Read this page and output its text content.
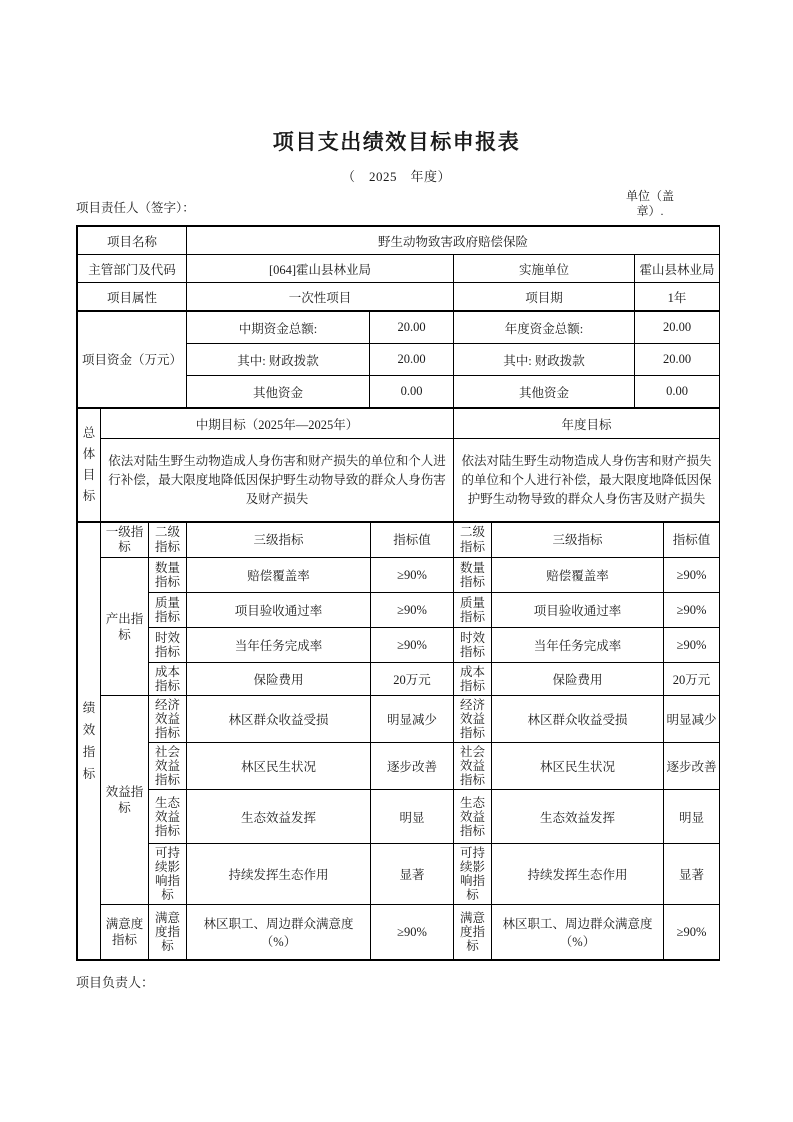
项目支出绩效目标申报表
（　2025　年度）
项目责任人（签字）：
单位（盖章）.
项目名称	野生动物致害政府赔偿保险		
主管部门及代码	[064]霍山县林业局	实施单位	霍山县林业局
项目属性	一次性项目	项目期	1年
项目资金（万元）	中期资金总额:	20.00	年度资金总额:	20.00
	其中: 财政拨款	20.00	其中: 财政拨款	20.00
	其他资金	0.00	其他资金	0.00
总体目标	中期目标（2025年—2025年）	年度目标
	依法对陆生野生动物造成人身伤害和财产损失的单位和个人进行补偿，最大限度地降低因保护野生动物导致的群众人身伤害及财产损失	依法对陆生野生动物造成人身伤害和财产损失的单位和个人进行补偿，最大限度地降低因保护野生动物导致的群众人身伤害及财产损失
绩效指标	一级指标	二级指标	三级指标	指标值	二级指标	三级指标	指标值
	产出指标	数量指标	赔偿覆盖率	≥90%	数量指标	赔偿覆盖率	≥90%
		质量指标	项目验收通过率	≥90%	质量指标	项目验收通过率	≥90%
		时效指标	当年任务完成率	≥90%	时效指标	当年任务完成率	≥90%
		成本指标	保险费用	20万元	成本指标	保险费用	20万元
	效益指标	经济效益指标	林区群众收益受损	明显减少	经济效益指标	林区群众收益受损	明显减少
		社会效益指标	林区民生状况	逐步改善	社会效益指标	林区民生状况	逐步改善
		生态效益指标	生态效益发挥	明显	生态效益指标	生态效益发挥	明显
		可持续影响指标	持续发挥生态作用	显著	可持续影响指标	持续发挥生态作用	显著
	满意度指标	满意度指标	林区职工、周边群众满意度（%）	≥90%	满意度指标	林区职工、周边群众满意度（%）	≥90%
项目负责人：
